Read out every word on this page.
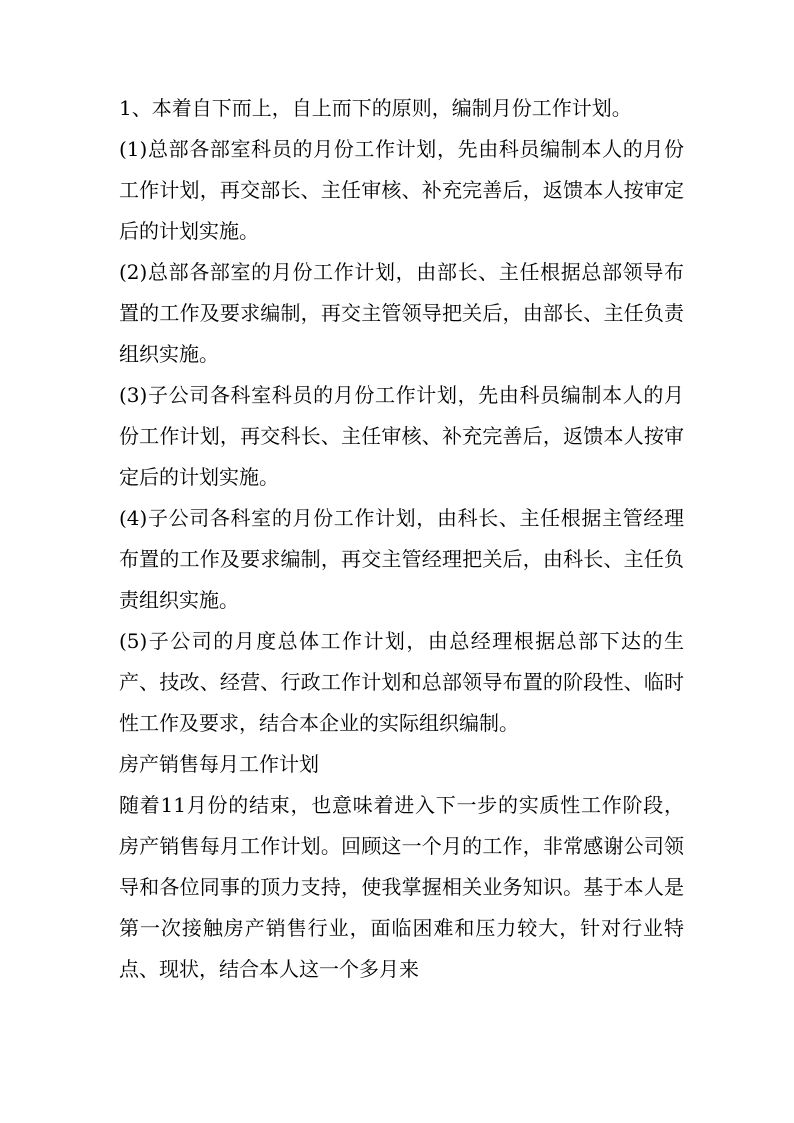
1、本着自下而上，自上而下的原则，编制月份工作计划。

(1)总部各部室科员的月份工作计划，先由科员编制本人的月份工作计划，再交部长、主任审核、补充完善后，返馈本人按审定后的计划实施。

(2)总部各部室的月份工作计划，由部长、主任根据总部领导布置的工作及要求编制，再交主管领导把关后，由部长、主任负责组织实施。

(3)子公司各科室科员的月份工作计划，先由科员编制本人的月份工作计划，再交科长、主任审核、补充完善后，返馈本人按审定后的计划实施。

(4)子公司各科室的月份工作计划，由科长、主任根据主管经理布置的工作及要求编制，再交主管经理把关后，由科长、主任负责组织实施。

(5)子公司的月度总体工作计划，由总经理根据总部下达的生产、技改、经营、行政工作计划和总部领导布置的阶段性、临时性工作及要求，结合本企业的实际组织编制。

房产销售每月工作计划

随着11月份的结束，也意味着进入下一步的实质性工作阶段，房产销售每月工作计划。回顾这一个月的工作，非常感谢公司领导和各位同事的顶力支持，使我掌握相关业务知识。基于本人是第一次接触房产销售行业，面临困难和压力较大，针对行业特点、现状，结合本人这一个多月来
